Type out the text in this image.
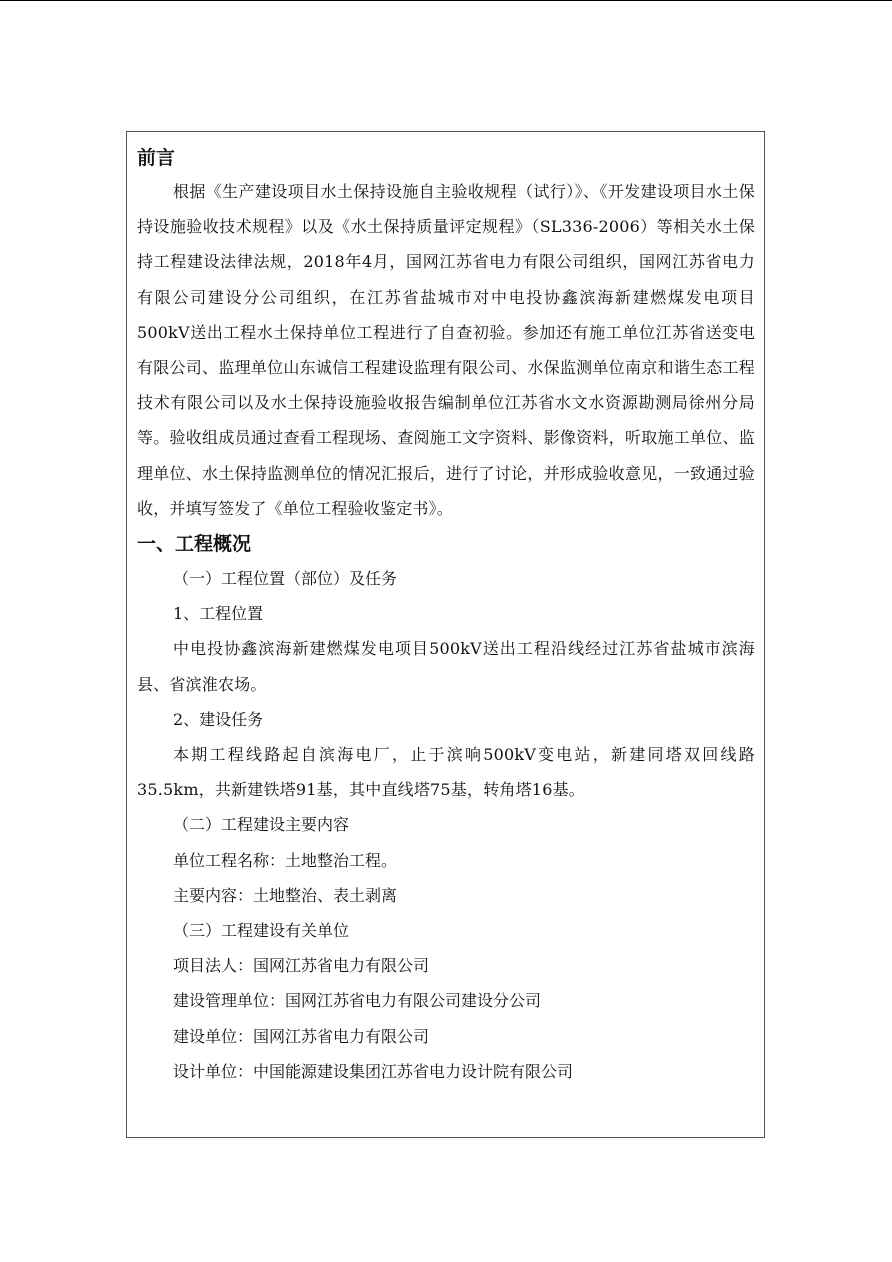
前言

根据《生产建设项目水土保持设施自主验收规程（试行）》、《开发建设项目水土保持设施验收技术规程》以及《水土保持质量评定规程》（SL336-2006）等相关水土保持工程建设法律法规，2018年4月，国网江苏省电力有限公司组织，国网江苏省电力有限公司建设分公司组织，在江苏省盐城市对中电投协鑫滨海新建燃煤发电项目500kV送出工程水土保持单位工程进行了自查初验。参加还有施工单位江苏省送变电有限公司、监理单位山东诚信工程建设监理有限公司、水保监测单位南京和谐生态工程技术有限公司以及水土保持设施验收报告编制单位江苏省水文水资源勘测局徐州分局等。验收组成员通过查看工程现场、查阅施工文字资料、影像资料，听取施工单位、监理单位、水土保持监测单位的情况汇报后，进行了讨论，并形成验收意见，一致通过验收，并填写签发了《单位工程验收鉴定书》。

一、工程概况

（一）工程位置（部位）及任务

1、工程位置

中电投协鑫滨海新建燃煤发电项目500kV送出工程沿线经过江苏省盐城市滨海县、省滨淮农场。

2、建设任务

本期工程线路起自滨海电厂，止于滨响500kV变电站，新建同塔双回线路35.5km，共新建铁塔91基，其中直线塔75基，转角塔16基。

（二）工程建设主要内容

单位工程名称：土地整治工程。

主要内容：土地整治、表土剥离

（三）工程建设有关单位

项目法人：国网江苏省电力有限公司

建设管理单位：国网江苏省电力有限公司建设分公司

建设单位：国网江苏省电力有限公司

设计单位：中国能源建设集团江苏省电力设计院有限公司
